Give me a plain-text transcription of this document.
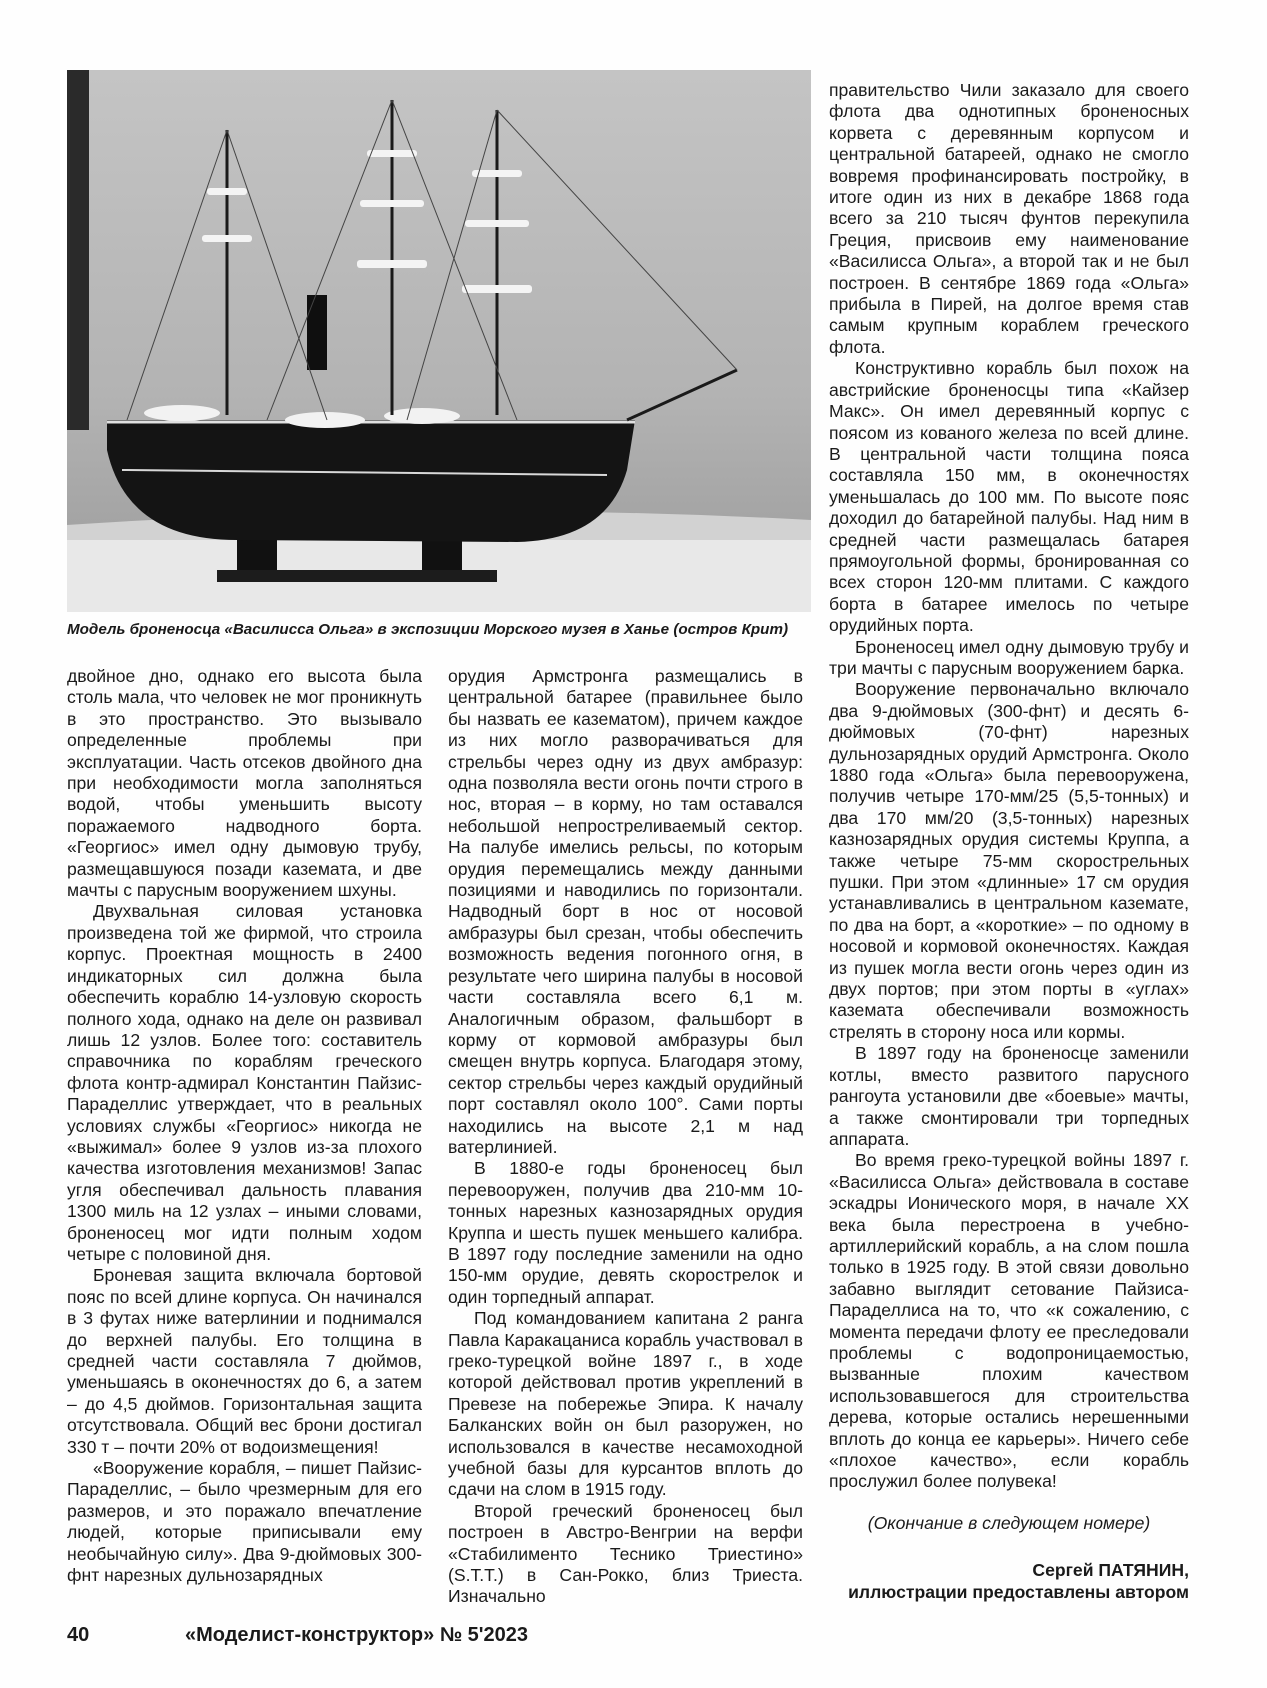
Модель броненосца «Василисса Ольга» в экспозиции Морского музея в Ханье (остров Крит)

двойное дно, однако его высота была столь мала, что человек не мог проникнуть в это пространство. Это вызывало определенные проблемы при эксплуатации. Часть отсеков двойного дна при необходимости могла заполняться водой, чтобы уменьшить высоту поражаемого надводного борта. «Георгиос» имел одну дымовую трубу, размещавшуюся позади каземата, и две мачты с парусным вооружением шхуны.

Двухвальная силовая установка произведена той же фирмой, что строила корпус. Проектная мощность в 2400 индикаторных сил должна была обеспечить кораблю 14-узловую скорость полного хода, однако на деле он развивал лишь 12 узлов. Более того: составитель справочника по кораблям греческого флота контр-адмирал Константин Пайзис-Параделлис утверждает, что в реальных условиях службы «Георгиос» никогда не «выжимал» более 9 узлов из-за плохого качества изготовления механизмов! Запас угля обеспечивал дальность плавания 1300 миль на 12 узлах – иными словами, броненосец мог идти полным ходом четыре с половиной дня.

Броневая защита включала бортовой пояс по всей длине корпуса. Он начинался в 3 футах ниже ватерлинии и поднимался до верхней палубы. Его толщина в средней части составляла 7 дюймов, уменьшаясь в оконечностях до 6, а затем – до 4,5 дюймов. Горизонтальная защита отсутствовала. Общий вес брони достигал 330 т – почти 20% от водоизмещения!

«Вооружение корабля, – пишет Пайзис-Параделлис, – было чрезмерным для его размеров, и это поражало впечатление людей, которые приписывали ему необычайную силу». Два 9-дюймовых 300-фнт нарезных дульнозарядных

орудия Армстронга размещались в центральной батарее (правильнее было бы назвать ее казематом), причем каждое из них могло разворачиваться для стрельбы через одну из двух амбразур: одна позволяла вести огонь почти строго в нос, вторая – в корму, но там оставался небольшой непростреливаемый сектор. На палубе имелись рельсы, по которым орудия перемещались между данными позициями и наводились по горизонтали. Надводный борт в нос от носовой амбразуры был срезан, чтобы обеспечить возможность ведения погонного огня, в результате чего ширина палубы в носовой части составляла всего 6,1 м. Аналогичным образом, фальшборт в корму от кормовой амбразуры был смещен внутрь корпуса. Благодаря этому, сектор стрельбы через каждый орудийный порт составлял около 100°. Сами порты находились на высоте 2,1 м над ватерлинией.

В 1880-е годы броненосец был перевооружен, получив два 210-мм 10-тонных нарезных казнозарядных орудия Круппа и шесть пушек меньшего калибра. В 1897 году последние заменили на одно 150-мм орудие, девять скорострелок и один торпедный аппарат.

Под командованием капитана 2 ранга Павла Каракацаниса корабль участвовал в греко-турецкой войне 1897 г., в ходе которой действовал против укреплений в Превезе на побережье Эпира. К началу Балканских войн он был разоружен, но использовался в качестве несамоходной учебной базы для курсантов вплоть до сдачи на слом в 1915 году.

Второй греческий броненосец был построен в Австро-Венгрии на верфи «Стабилименто Теснико Триестино» (S.T.T.) в Сан-Рокко, близ Триеста. Изначально

правительство Чили заказало для своего флота два однотипных броненосных корвета с деревянным корпусом и центральной батареей, однако не смогло вовремя профинансировать постройку, в итоге один из них в декабре 1868 года всего за 210 тысяч фунтов перекупила Греция, присвоив ему наименование «Василисса Ольга», а второй так и не был построен. В сентябре 1869 года «Ольга» прибыла в Пирей, на долгое время став самым крупным кораблем греческого флота.

Конструктивно корабль был похож на австрийские броненосцы типа «Кайзер Макс». Он имел деревянный корпус с поясом из кованого железа по всей длине. В центральной части толщина пояса составляла 150 мм, в оконечностях уменьшалась до 100 мм. По высоте пояс доходил до батарейной палубы. Над ним в средней части размещалась батарея прямоугольной формы, бронированная со всех сторон 120-мм плитами. С каждого борта в батарее имелось по четыре орудийных порта.

Броненосец имел одну дымовую трубу и три мачты с парусным вооружением барка.

Вооружение первоначально включало два 9-дюймовых (300-фнт) и десять 6-дюймовых (70-фнт) нарезных дульнозарядных орудий Армстронга. Около 1880 года «Ольга» была перевооружена, получив четыре 170-мм/25 (5,5-тонных) и два 170 мм/20 (3,5-тонных) нарезных казнозарядных орудия системы Круппа, а также четыре 75-мм скорострельных пушки. При этом «длинные» 17 см орудия устанавливались в центральном каземате, по два на борт, а «короткие» – по одному в носовой и кормовой оконечностях. Каждая из пушек могла вести огонь через один из двух портов; при этом порты в «углах» каземата обеспечивали возможность стрелять в сторону носа или кормы.

В 1897 году на броненосце заменили котлы, вместо развитого парусного рангоута установили две «боевые» мачты, а также смонтировали три торпедных аппарата.

Во время греко-турецкой войны 1897 г. «Василисса Ольга» действовала в составе эскадры Ионического моря, в начале XX века была перестроена в учебно-артиллерийский корабль, а на слом пошла только в 1925 году. В этой связи довольно забавно выглядит сетование Пайзиса-Параделлиса на то, что «к сожалению, с момента передачи флоту ее преследовали проблемы с водопроницаемостью, вызванные плохим качеством использовавшегося для строительства дерева, которые остались нерешенными вплоть до конца ее карьеры». Ничего себе «плохое качество», если корабль прослужил более полувека!

(Окончание в следующем номере)

Сергей ПАТЯНИН,

иллюстрации предоставлены автором

40	«Моделист-конструктор» № 5'2023
